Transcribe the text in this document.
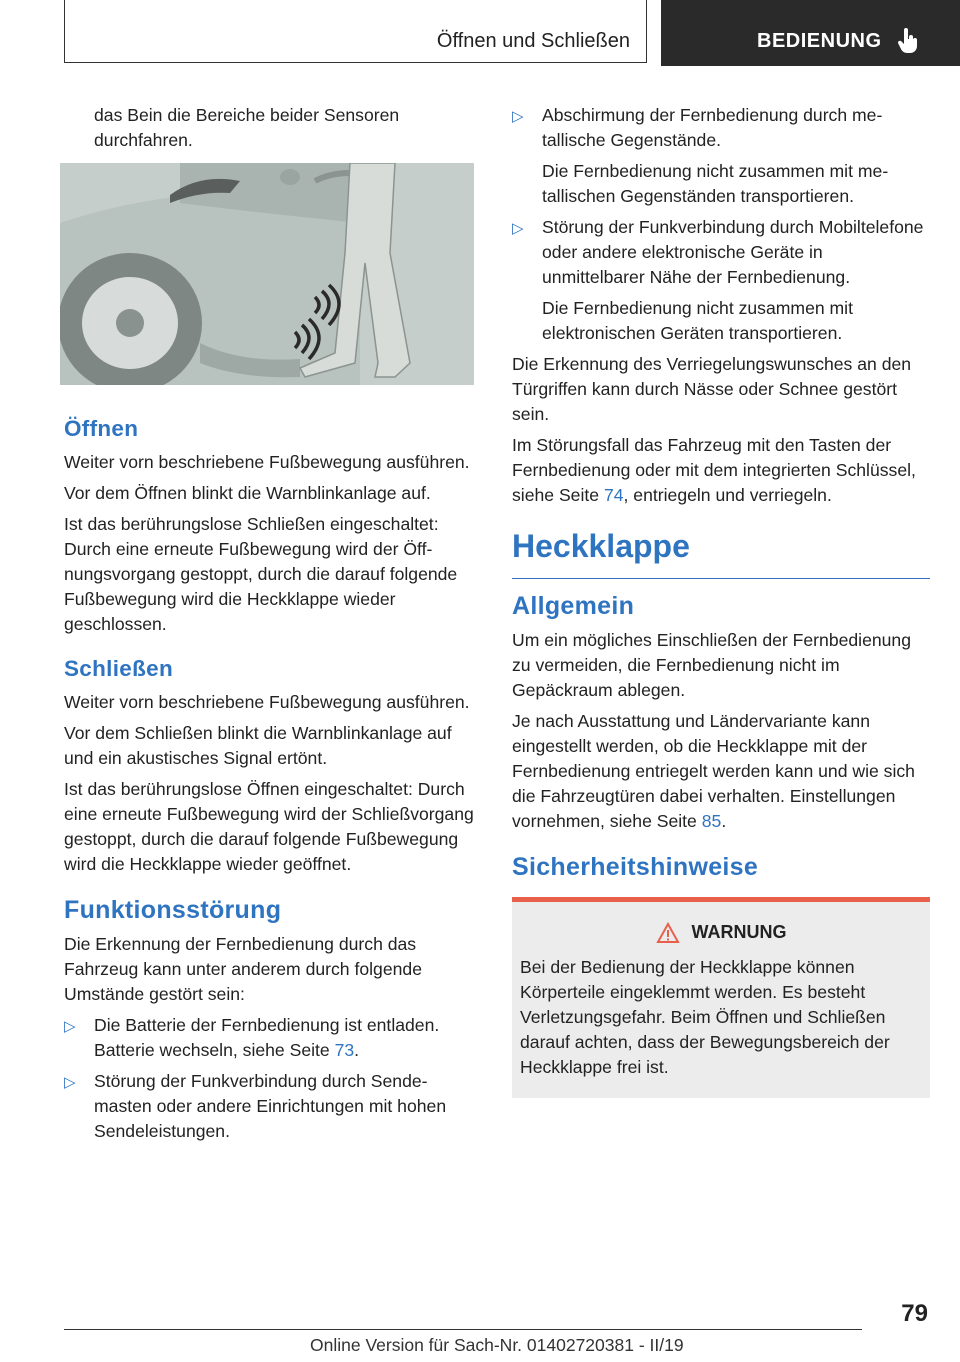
Öffnen und Schließen	BEDIENUNG

das Bein die Bereiche beider Sensoren durchfahren.

Öffnen

Weiter vorn beschriebene Fußbewegung ausführen.

Vor dem Öffnen blinkt die Warnblinkanlage auf.

Ist das berührungslose Schließen eingeschaltet: Durch eine erneute Fußbewegung wird der Öffnungsvorgang gestoppt, durch die darauf folgende Fußbewegung wird die Heckklappe wieder geschlossen.

Schließen

Weiter vorn beschriebene Fußbewegung ausführen.

Vor dem Schließen blinkt die Warnblinkanlage auf und ein akustisches Signal ertönt.

Ist das berührungslose Öffnen eingeschaltet: Durch eine erneute Fußbewegung wird der Schließvorgang gestoppt, durch die darauf folgende Fußbewegung wird die Heckklappe wieder geöffnet.

Funktionsstörung

Die Erkennung der Fernbedienung durch das Fahrzeug kann unter anderem durch folgende Umstände gestört sein:

▷ Die Batterie der Fernbedienung ist entladen. Batterie wechseln, siehe Seite 73.
▷ Störung der Funkverbindung durch Sendemasten oder andere Einrichtungen mit hohen Sendeleistungen.
▷ Abschirmung der Fernbedienung durch metallische Gegenstände.
Die Fernbedienung nicht zusammen mit metallischen Gegenständen transportieren.
▷ Störung der Funkverbindung durch Mobiltelefone oder andere elektronische Geräte in unmittelbarer Nähe der Fernbedienung.
Die Fernbedienung nicht zusammen mit elektronischen Geräten transportieren.

Die Erkennung des Verriegelungswunsches an den Türgriffen kann durch Nässe oder Schnee gestört sein.

Im Störungsfall das Fahrzeug mit den Tasten der Fernbedienung oder mit dem integrierten Schlüssel, siehe Seite 74, entriegeln und verriegeln.

Heckklappe
Allgemein

Um ein mögliches Einschließen der Fernbedienung zu vermeiden, die Fernbedienung nicht im Gepäckraum ablegen.

Je nach Ausstattung und Ländervariante kann eingestellt werden, ob die Heckklappe mit der Fernbedienung entriegelt werden kann und wie sich die Fahrzeugtüren dabei verhalten. Einstellungen vornehmen, siehe Seite 85.

Sicherheitshinweise
WARNUNG
Bei der Bedienung der Heckklappe können Körperteile eingeklemmt werden. Es besteht Verletzungsgefahr. Beim Öffnen und Schließen darauf achten, dass der Bewegungsbereich der Heckklappe frei ist.
79
Online Version für Sach-Nr. 01402720381 - II/19
